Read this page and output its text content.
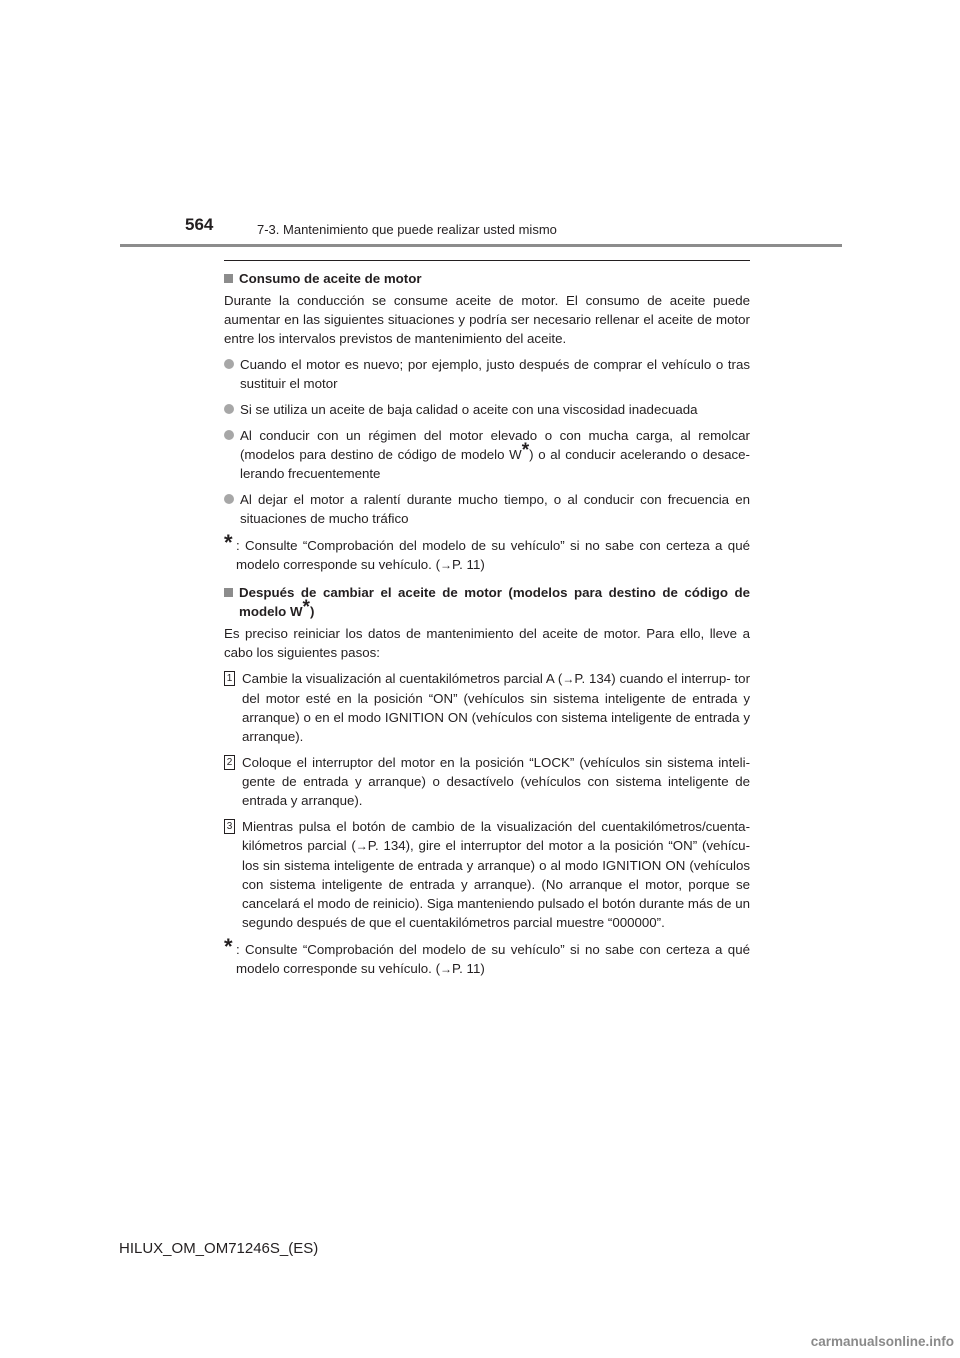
564	7-3. Mantenimiento que puede realizar usted mismo
Consumo de aceite de motor

Durante la conducción se consume aceite de motor. El consumo de aceite puede aumentar en las siguientes situaciones y podría ser necesario rellenar el aceite de motor entre los intervalos previstos de mantenimiento del aceite.

Cuando el motor es nuevo; por ejemplo, justo después de comprar el vehículo o tras sustituir el motor

Si se utiliza un aceite de baja calidad o aceite con una viscosidad inadecuada

Al conducir con un régimen del motor elevado o con mucha carga, al remolcar (modelos para destino de código de modelo W*) o al conducir acelerando o desace- lerando frecuentemente

Al dejar el motor a ralentí durante mucho tiempo, o al conducir con frecuencia en situaciones de mucho tráfico

* : Consulte “Comprobación del modelo de su vehículo” si no sabe con certeza a qué modelo corresponde su vehículo. (→P. 11)

Después de cambiar el aceite de motor (modelos para destino de código de modelo W*)

Es preciso reiniciar los datos de mantenimiento del aceite de motor. Para ello, lleve a cabo los siguientes pasos:

1 Cambie la visualización al cuentakilómetros parcial A (→P. 134) cuando el interrup- tor del motor esté en la posición “ON” (vehículos sin sistema inteligente de entrada y arranque) o en el modo IGNITION ON (vehículos con sistema inteligente de entrada y arranque).

2 Coloque el interruptor del motor en la posición “LOCK” (vehículos sin sistema inteli- gente de entrada y arranque) o desactívelo (vehículos con sistema inteligente de entrada y arranque).

3 Mientras pulsa el botón de cambio de la visualización del cuentakilómetros/cuenta- kilómetros parcial (→P. 134), gire el interruptor del motor a la posición “ON” (vehícu- los sin sistema inteligente de entrada y arranque) o al modo IGNITION ON (vehículos con sistema inteligente de entrada y arranque). (No arranque el motor, porque se cancelará el modo de reinicio). Siga manteniendo pulsado el botón durante más de un segundo después de que el cuentakilómetros parcial muestre “000000”.

* : Consulte “Comprobación del modelo de su vehículo” si no sabe con certeza a qué modelo corresponde su vehículo. (→P. 11)

HILUX_OM_OM71246S_(ES)
carmanualsonline.info
